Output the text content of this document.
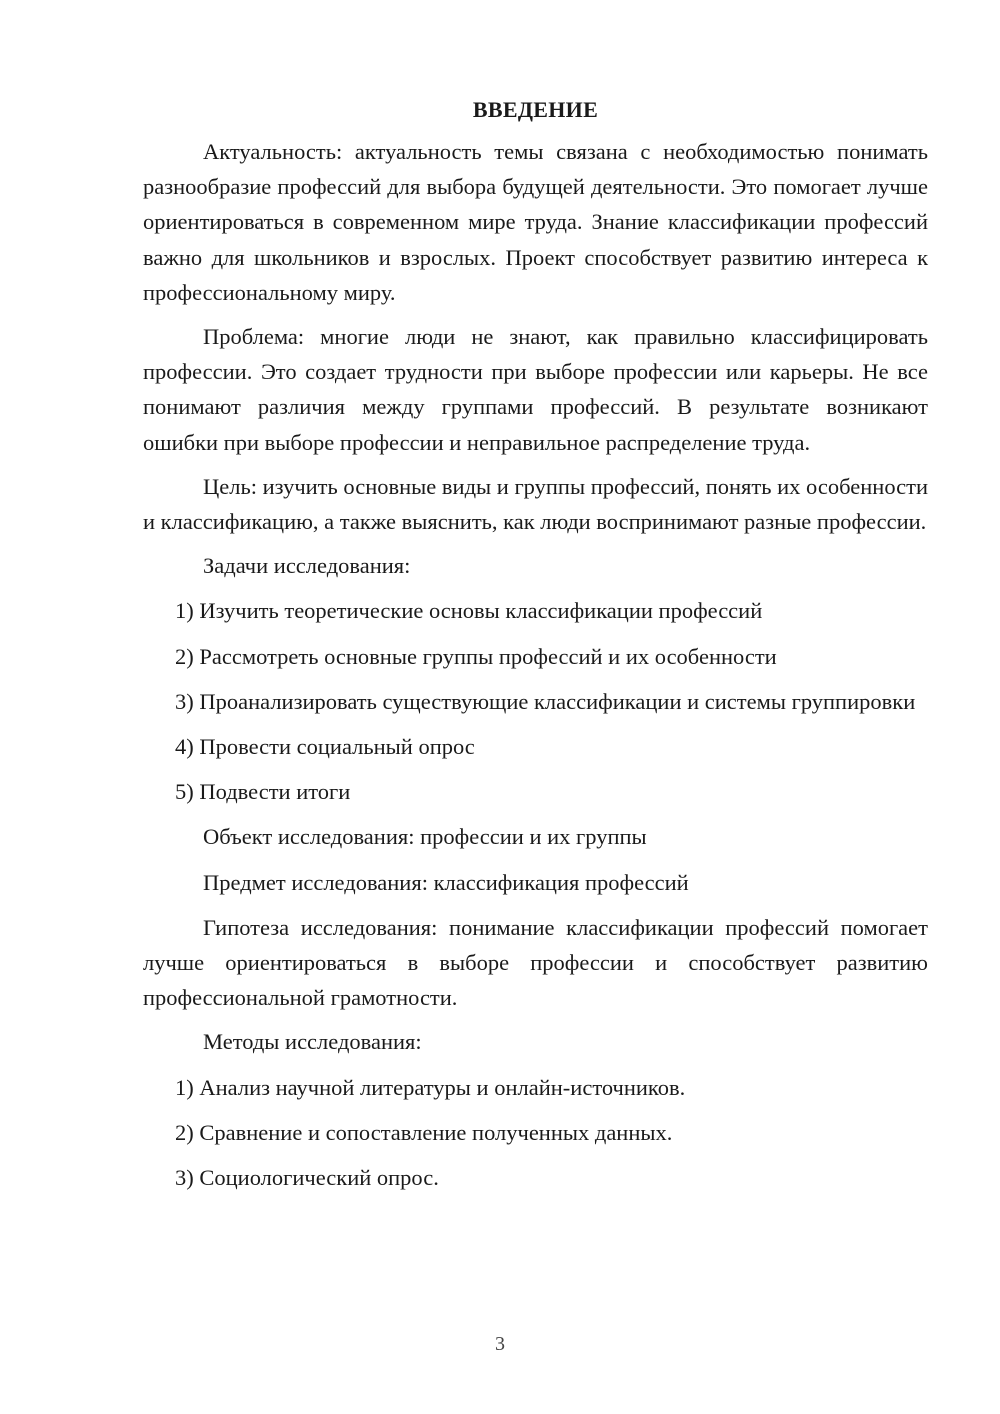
ВВЕДЕНИЕ

Актуальность: актуальность темы связана с необходимостью понимать разнообразие профессий для выбора будущей деятельности. Это помогает лучше ориентироваться в современном мире труда. Знание классификации профессий важно для школьников и взрослых. Проект способствует развитию интереса к профессиональному миру.

Проблема: многие люди не знают, как правильно классифицировать профессии. Это создает трудности при выборе профессии или карьеры. Не все понимают различия между группами профессий. В результате возникают ошибки при выборе профессии и неправильное распределение труда.

Цель: изучить основные виды и группы профессий, понять их особенности и классификацию, а также выяснить, как люди воспринимают разные профессии.

Задачи исследования:

1) Изучить теоретические основы классификации профессий

2) Рассмотреть основные группы профессий и их особенности

3) Проанализировать существующие классификации и системы группировки

4) Провести социальный опрос

5) Подвести итоги

Объект исследования: профессии и их группы

Предмет исследования: классификация профессий

Гипотеза исследования: понимание классификации профессий помогает лучше ориентироваться в выборе профессии и способствует развитию профессиональной грамотности.

Методы исследования:

1) Анализ научной литературы и онлайн-источников.

2) Сравнение и сопоставление полученных данных.

3) Социологический опрос.

3
